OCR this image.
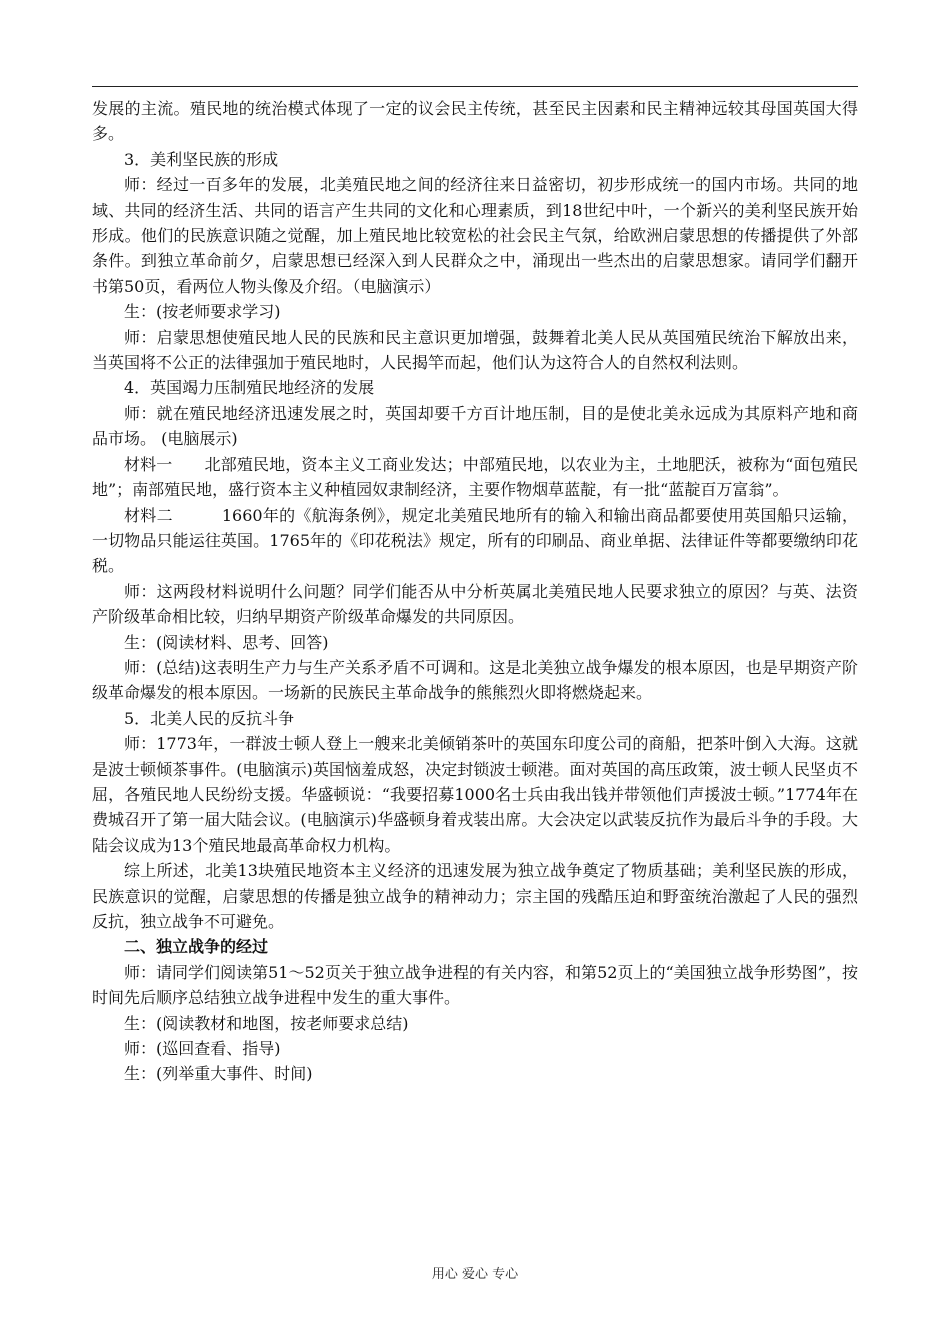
发展的主流。殖民地的统治模式体现了一定的议会民主传统，甚至民主因素和民主精神远较其母国英国大得多。

3．美利坚民族的形成

师：经过一百多年的发展，北美殖民地之间的经济往来日益密切，初步形成统一的国内市场。共同的地域、共同的经济生活、共同的语言产生共同的文化和心理素质，到18世纪中叶，一个新兴的美利坚民族开始形成。他们的民族意识随之觉醒，加上殖民地比较宽松的社会民主气氛，给欧洲启蒙思想的传播提供了外部条件。到独立革命前夕，启蒙思想已经深入到人民群众之中，涌现出一些杰出的启蒙思想家。请同学们翻开书第50页，看两位人物头像及介绍。（电脑演示）

生：(按老师要求学习)

师：启蒙思想使殖民地人民的民族和民主意识更加增强，鼓舞着北美人民从英国殖民统治下解放出来，当英国将不公正的法律强加于殖民地时，人民揭竿而起，他们认为这符合人的自然权利法则。

4．英国竭力压制殖民地经济的发展

师：就在殖民地经济迅速发展之时，英国却要千方百计地压制，目的是使北美永远成为其原料产地和商品市场。 (电脑展示)

材料一　　北部殖民地，资本主义工商业发达；中部殖民地，以农业为主，土地肥沃，被称为“面包殖民地”；南部殖民地，盛行资本主义种植园奴隶制经济，主要作物烟草蓝靛，有一批“蓝靛百万富翁”。

材料二　　　1660年的《航海条例》，规定北美殖民地所有的输入和输出商品都要使用英国船只运输，一切物品只能运往英国。1765年的《印花税法》规定，所有的印刷品、商业单据、法律证件等都要缴纳印花税。

师：这两段材料说明什么问题？同学们能否从中分析英属北美殖民地人民要求独立的原因？与英、法资产阶级革命相比较，归纳早期资产阶级革命爆发的共同原因。

生：(阅读材料、思考、回答)

师：(总结)这表明生产力与生产关系矛盾不可调和。这是北美独立战争爆发的根本原因，也是早期资产阶级革命爆发的根本原因。一场新的民族民主革命战争的熊熊烈火即将燃烧起来。

5．北美人民的反抗斗争

师：1773年，一群波士顿人登上一艘来北美倾销茶叶的英国东印度公司的商船，把茶叶倒入大海。这就是波士顿倾茶事件。(电脑演示)英国恼羞成怒，决定封锁波士顿港。面对英国的高压政策，波士顿人民坚贞不屈，各殖民地人民纷纷支援。华盛顿说：“我要招募1000名士兵由我出钱并带领他们声援波士顿。”1774年在费城召开了第一届大陆会议。(电脑演示)华盛顿身着戎装出席。大会决定以武装反抗作为最后斗争的手段。大陆会议成为13个殖民地最高革命权力机构。

综上所述，北美13块殖民地资本主义经济的迅速发展为独立战争奠定了物质基础；美利坚民族的形成，民族意识的觉醒，启蒙思想的传播是独立战争的精神动力；宗主国的残酷压迫和野蛮统治激起了人民的强烈反抗，独立战争不可避免。

二、独立战争的经过

师：请同学们阅读第51～52页关于独立战争进程的有关内容，和第52页上的“美国独立战争形势图”，按时间先后顺序总结独立战争进程中发生的重大事件。

生：(阅读教材和地图，按老师要求总结)

师：(巡回查看、指导)

生：(列举重大事件、时间)

用心 爱心 专心
